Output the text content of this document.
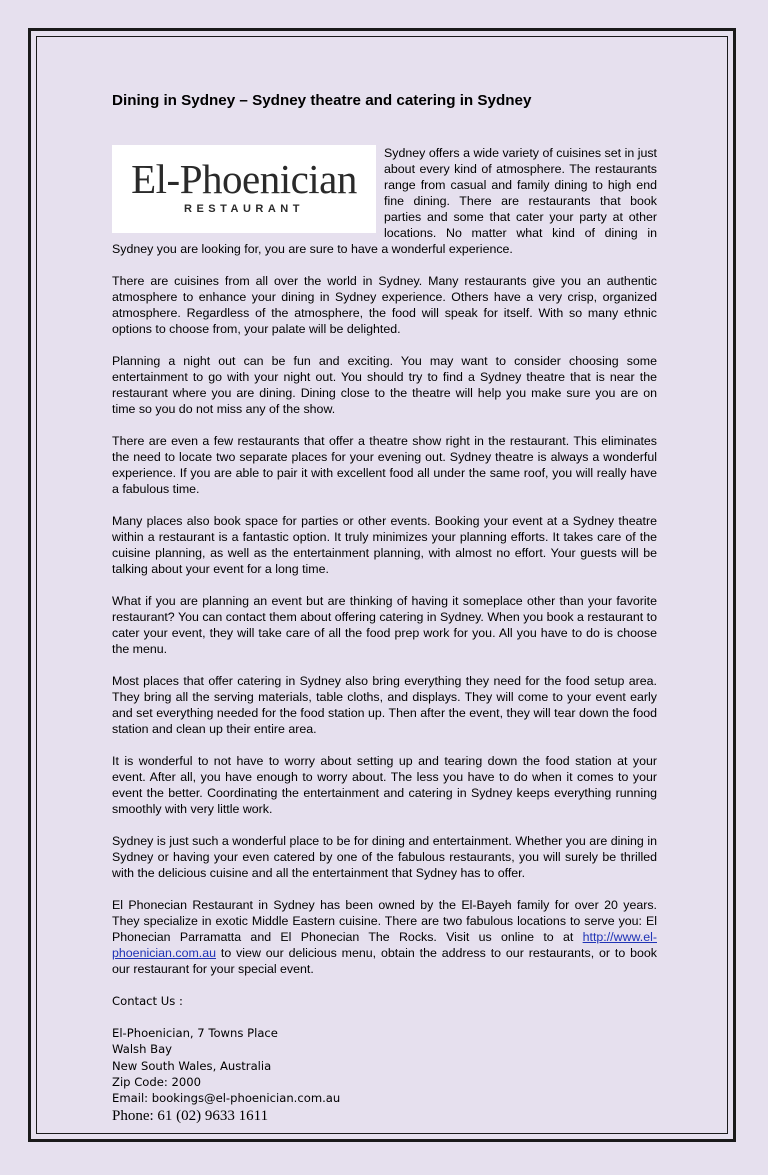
Dining in Sydney – Sydney theatre and catering in Sydney
El-Phoenician
RESTAURANT

Sydney offers a wide variety of cuisines set in just about every kind of atmosphere. The restaurants range from casual and family dining to high end fine dining. There are restaurants that book parties and some that cater your party at other locations. No matter what kind of dining in Sydney you are looking for, you are sure to have a wonderful experience.

There are cuisines from all over the world in Sydney. Many restaurants give you an authentic atmosphere to enhance your dining in Sydney experience. Others have a very crisp, organized atmosphere. Regardless of the atmosphere, the food will speak for itself. With so many ethnic options to choose from, your palate will be delighted.

Planning a night out can be fun and exciting. You may want to consider choosing some entertainment to go with your night out. You should try to find a Sydney theatre that is near the restaurant where you are dining. Dining close to the theatre will help you make sure you are on time so you do not miss any of the show.

There are even a few restaurants that offer a theatre show right in the restaurant. This eliminates the need to locate two separate places for your evening out. Sydney theatre is always a wonderful experience. If you are able to pair it with excellent food all under the same roof, you will really have a fabulous time.

Many places also book space for parties or other events. Booking your event at a Sydney theatre within a restaurant is a fantastic option. It truly minimizes your planning efforts. It takes care of the cuisine planning, as well as the entertainment planning, with almost no effort. Your guests will be talking about your event for a long time.

What if you are planning an event but are thinking of having it someplace other than your favorite restaurant? You can contact them about offering catering in Sydney. When you book a restaurant to cater your event, they will take care of all the food prep work for you. All you have to do is choose the menu.

Most places that offer catering in Sydney also bring everything they need for the food setup area. They bring all the serving materials, table cloths, and displays. They will come to your event early and set everything needed for the food station up. Then after the event, they will tear down the food station and clean up their entire area.

It is wonderful to not have to worry about setting up and tearing down the food station at your event. After all, you have enough to worry about. The less you have to do when it comes to your event the better. Coordinating the entertainment and catering in Sydney keeps everything running smoothly with very little work.

Sydney is just such a wonderful place to be for dining and entertainment. Whether you are dining in Sydney or having your even catered by one of the fabulous restaurants, you will surely be thrilled with the delicious cuisine and all the entertainment that Sydney has to offer.

El Phonecian Restaurant in Sydney has been owned by the El-Bayeh family for over 20 years. They specialize in exotic Middle Eastern cuisine. There are two fabulous locations to serve you: El Phonecian Parramatta and El Phonecian The Rocks. Visit us online to at http://www.el-phoenician.com.au to view our delicious menu, obtain the address to our restaurants, or to book our restaurant for your special event.

Contact Us :
El-Phoenician, 7 Towns Place
Walsh Bay
New South Wales, Australia
Zip Code: 2000
Email: bookings@el-phoenician.com.au
Phone: 61 (02) 9633 1611
